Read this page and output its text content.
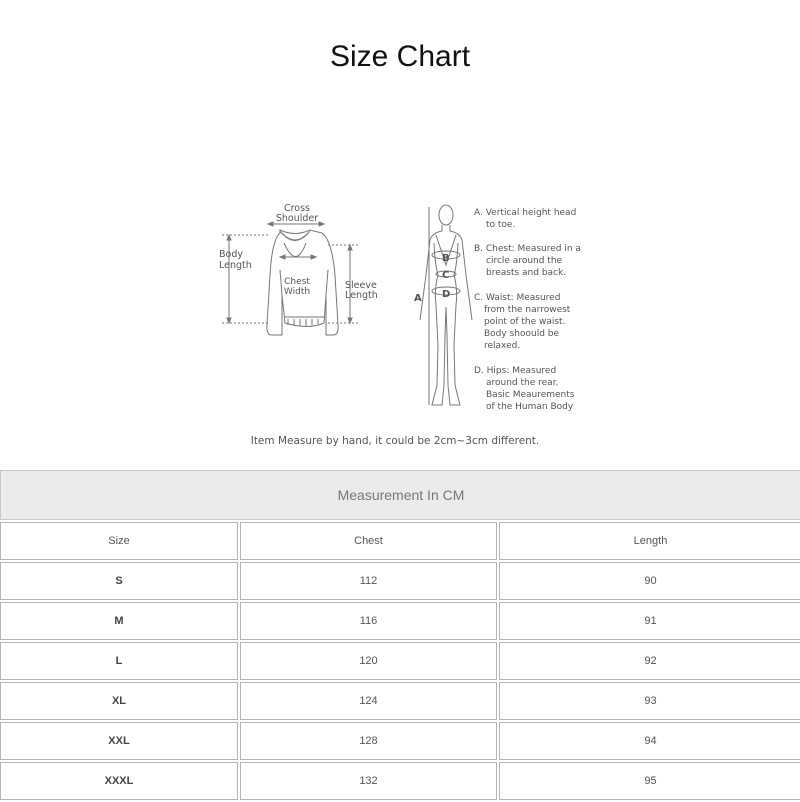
Size Chart
Cross
Shoulder
Body
Length
Chest
Width
Sleeve
Length	A
B
C
D
A. Vertical height head
to toe.
B. Chest: Measured in a
circle around the
breasts and back.
C. Waist: Measured
from the narrowest
point of the waist.
Body shoould be
relaxed.
D. Hips: Measured
around the rear.
Basic Meaurements
of the Human Body
Item Measure by hand, it could be 2cm~3cm different.
Measurement In CM		
Size	Chest	Length
S	112	90
M	116	91
L	120	92
XL	124	93
XXL	128	94
XXXL	132	95
